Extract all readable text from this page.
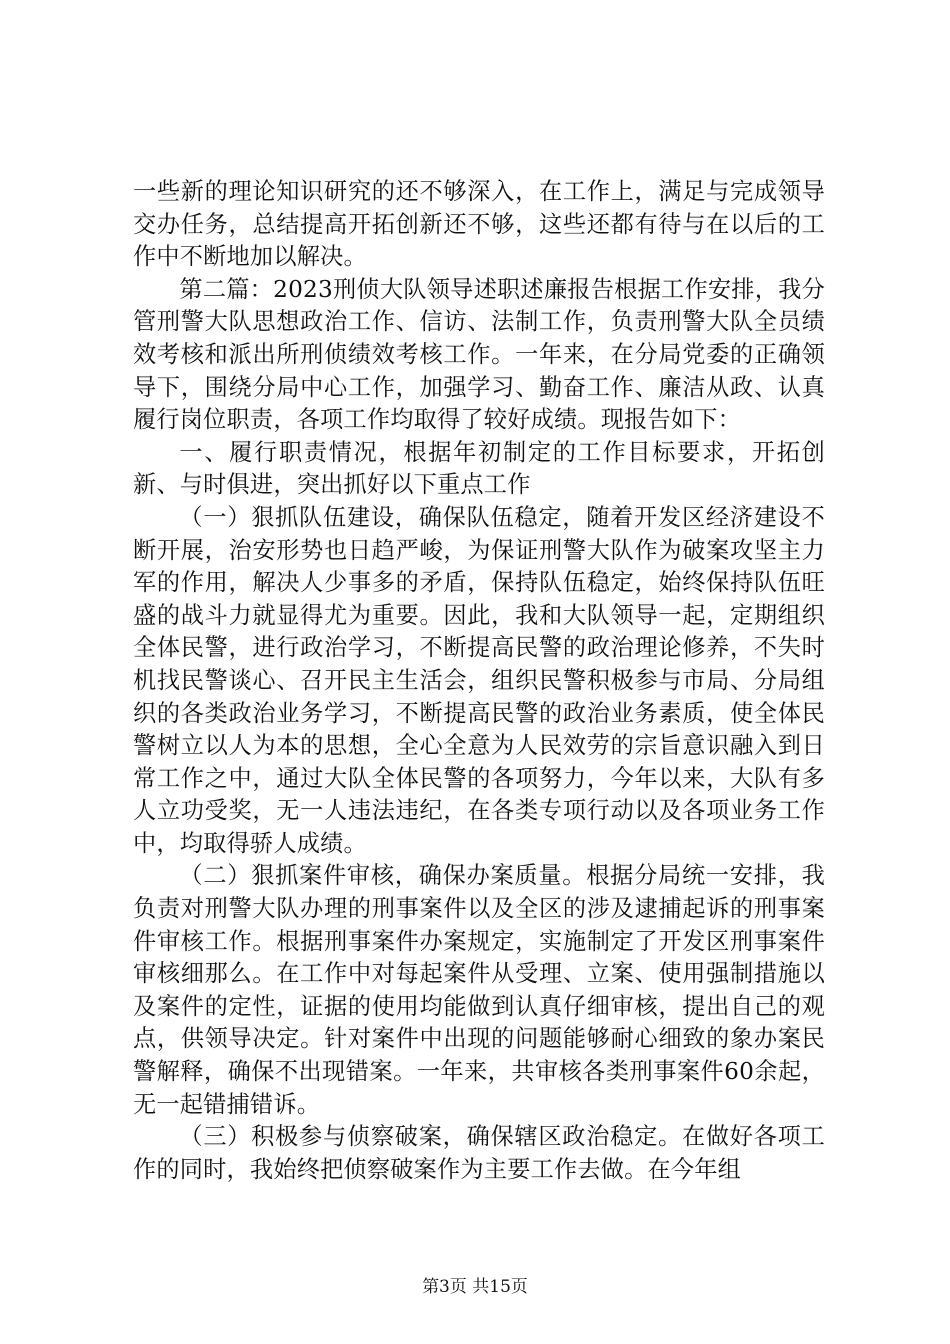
一些新的理论知识研究的还不够深入，在工作上，满足与完成领导交办任务，总结提高开拓创新还不够，这些还都有待与在以后的工作中不断地加以解决。

第二篇：2023刑侦大队领导述职述廉报告根据工作安排，我分管刑警大队思想政治工作、信访、法制工作，负责刑警大队全员绩效考核和派出所刑侦绩效考核工作。一年来，在分局党委的正确领导下，围绕分局中心工作，加强学习、勤奋工作、廉洁从政、认真履行岗位职责，各项工作均取得了较好成绩。现报告如下：

一、履行职责情况，根据年初制定的工作目标要求，开拓创新、与时俱进，突出抓好以下重点工作

（一）狠抓队伍建设，确保队伍稳定，随着开发区经济建设不断开展，治安形势也日趋严峻，为保证刑警大队作为破案攻坚主力军的作用，解决人少事多的矛盾，保持队伍稳定，始终保持队伍旺盛的战斗力就显得尤为重要。因此，我和大队领导一起，定期组织全体民警，进行政治学习，不断提高民警的政治理论修养，不失时机找民警谈心、召开民主生活会，组织民警积极参与市局、分局组织的各类政治业务学习，不断提高民警的政治业务素质，使全体民警树立以人为本的思想，全心全意为人民效劳的宗旨意识融入到日常工作之中，通过大队全体民警的各项努力，今年以来，大队有多人立功受奖，无一人违法违纪，在各类专项行动以及各项业务工作中，均取得骄人成绩。

（二）狠抓案件审核，确保办案质量。根据分局统一安排，我负责对刑警大队办理的刑事案件以及全区的涉及逮捕起诉的刑事案件审核工作。根据刑事案件办案规定，实施制定了开发区刑事案件审核细那么。在工作中对每起案件从受理、立案、使用强制措施以及案件的定性，证据的使用均能做到认真仔细审核，提出自己的观点，供领导决定。针对案件中出现的问题能够耐心细致的象办案民警解释，确保不出现错案。一年来，共审核各类刑事案件60余起，无一起错捕错诉。

（三）积极参与侦察破案，确保辖区政治稳定。在做好各项工作的同时，我始终把侦察破案作为主要工作去做。在今年组

第3页 共15页
